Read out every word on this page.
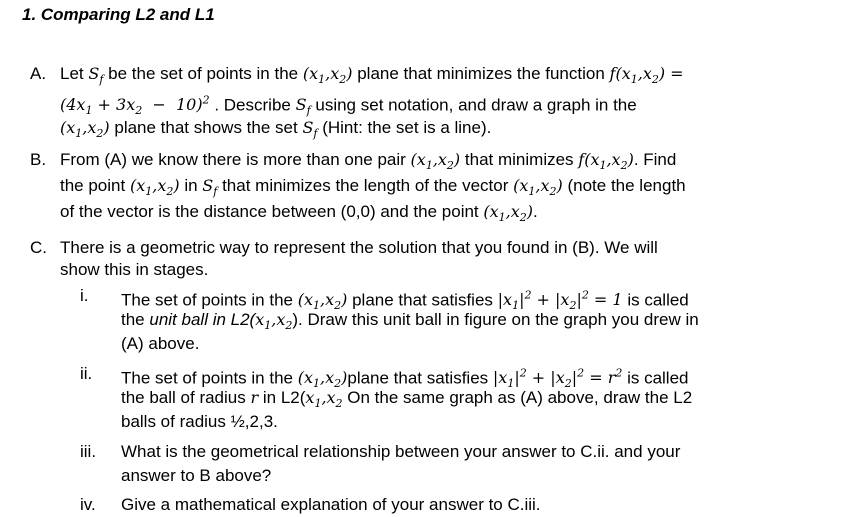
1. Comparing L2 and L1
A. Let $S_f$ be the set of points in the $(x_1,x_2)$ plane that minimizes the function $f(x_1,x_2)$ =
$(4x_1 + 3x_2 - 10)^2$ . Describe $S_f$ using set notation, and draw a graph in the
$(x_1,x_2)$ plane that shows the set $S_f$ (Hint: the set is a line).
B. From (A) we know there is more than one pair $(x_1,x_2)$ that minimizes $f(x_1,x_2)$. Find
the point $(x_1,x_2)$ in $S_f$ that minimizes the length of the vector $(x_1,x_2)$ (note the length
of the vector is the distance between (0,0) and the point $(x_1,x_2)$.
C. There is a geometric way to represent the solution that you found in (B). We will
show this in stages.
i. The set of points in the $(x_1,x_2)$ plane that satisfies $|x_1|^2 + |x_2|^2 = 1$ is called
the unit ball in $L2(x_1,x_2)$. Draw this unit ball in figure on the graph you drew in
(A) above.
ii. The set of points in the $(x_1,x_2)plane$ that satisfies $|x_1|^2 + |x_2|^2 = r^2$ is called
the ball of radius r in $L2(x_1,x_2$ On the same graph as (A) above, draw the L2
balls of radius ½,2,3.
iii. What is the geometrical relationship between your answer to C.ii. and your
answer to B above?
iv. Give a mathematical explanation of your answer to C.iii.
